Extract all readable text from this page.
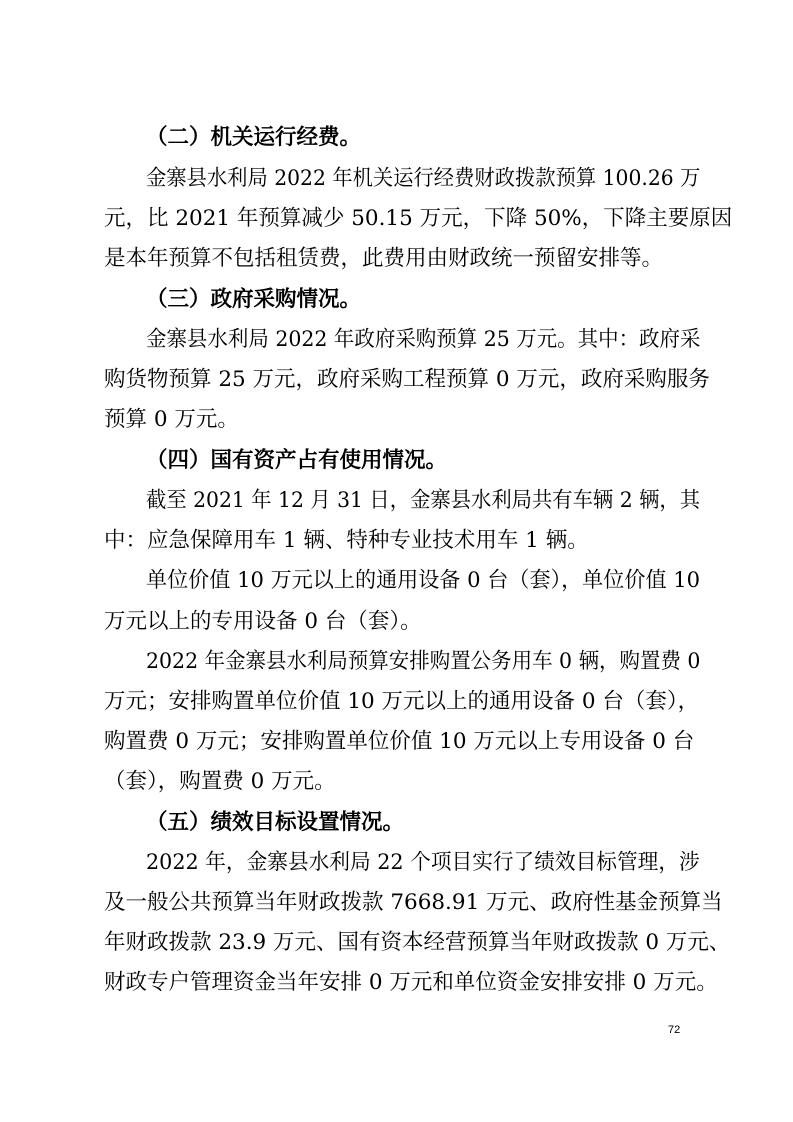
（二）机关运行经费。
金寨县水利局 2022 年机关运行经费财政拨款预算 100.26 万
元，比 2021 年预算减少 50.15 万元，下降 50%，下降主要原因
是本年预算不包括租赁费，此费用由财政统一预留安排等。
（三）政府采购情况。
金寨县水利局 2022 年政府采购预算 25 万元。其中：政府采
购货物预算 25 万元，政府采购工程预算 0 万元，政府采购服务
预算 0 万元。
（四）国有资产占有使用情况。
截至 2021 年 12 月 31 日，金寨县水利局共有车辆 2 辆，其
中：应急保障用车 1 辆、特种专业技术用车 1 辆。
单位价值 10 万元以上的通用设备 0 台（套），单位价值 10
万元以上的专用设备 0 台（套）。
2022 年金寨县水利局预算安排购置公务用车 0 辆，购置费 0
万元；安排购置单位价值 10 万元以上的通用设备 0 台（套），
购置费 0 万元；安排购置单位价值 10 万元以上专用设备 0 台
（套），购置费 0 万元。
（五）绩效目标设置情况。
2022 年，金寨县水利局 22 个项目实行了绩效目标管理，涉
及一般公共预算当年财政拨款 7668.91 万元、政府性基金预算当
年财政拨款 23.9 万元、国有资本经营预算当年财政拨款 0 万元、
财政专户管理资金当年安排 0 万元和单位资金安排安排 0 万元。
72
